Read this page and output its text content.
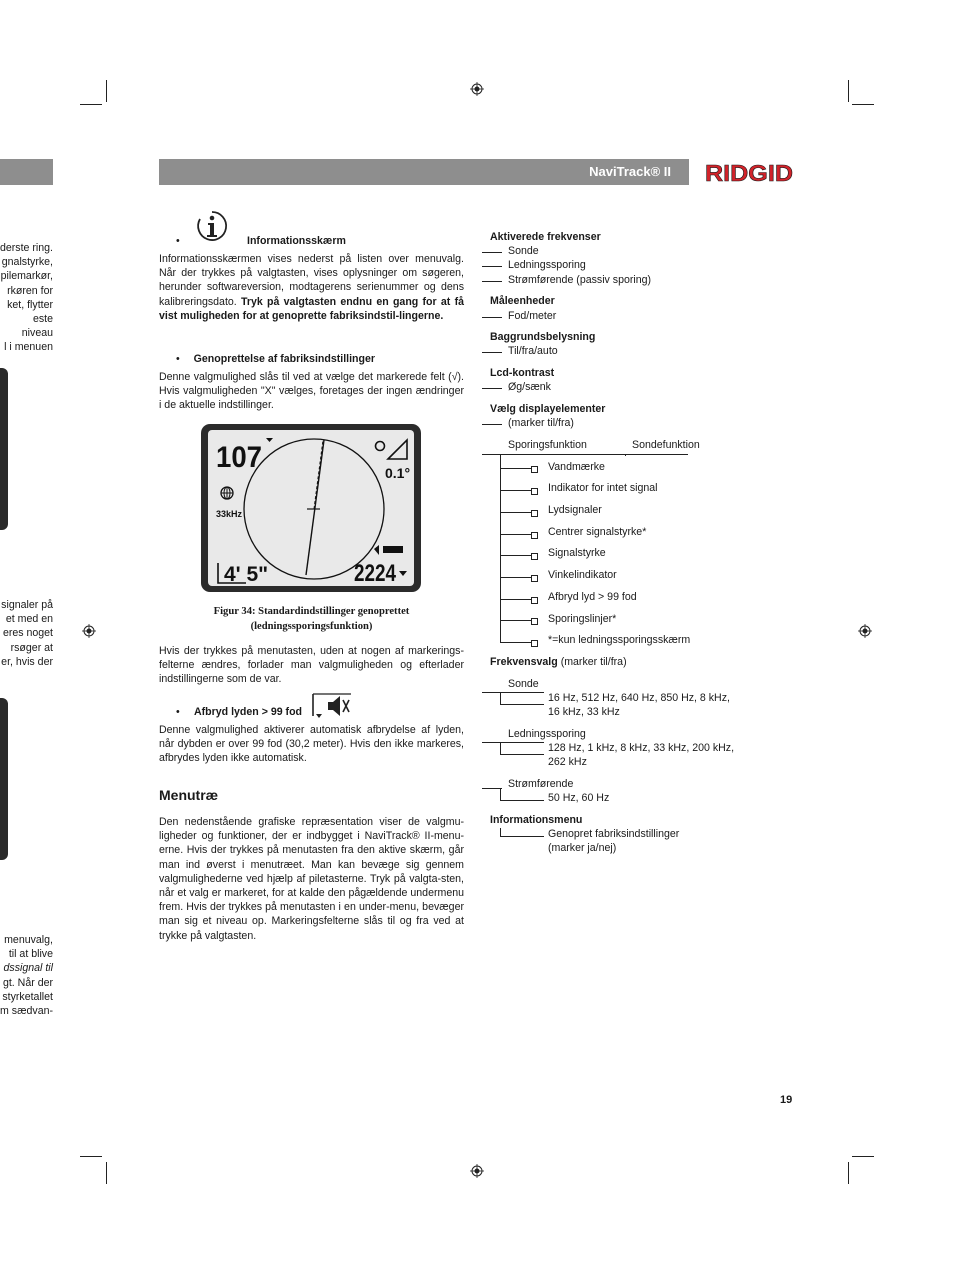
derste ring.
gnalstyrke,
pilemarkør,
rkøren for
ket, flytter
este niveau
l i menuen
signaler på
et med en
eres noget
rsøger at
er, hvis der
menuvalg,
til at blive
dssignal til
gt. Når der
styrketallet
m sædvan-
NaviTrack® II RIDGID
•	Informationsskærm
Informationsskærmen vises nederst på listen over menuvalg. Når der trykkes på valgtasten, vises oplysninger om søgeren, herunder softwareversion, modtagerens serienummer og dens kalibreringsdato. Tryk på valgtasten endnu en gang for at få vist muligheden for at genoprette fabriksindstil-lingerne.
• Genoprettelse af fabriksindstillinger
Denne valgmulighed slås til ved at vælge det markerede felt (√). Hvis valgmuligheden "X" vælges, foretages der ingen ændringer i de aktuelle indstillinger.
107	0.1°
33kHz
4' 5"	2224
Figur 34: Standardindstillinger genoprettet
(ledningssporingsfunktion)
Hvis der trykkes på menutasten, uden at nogen af markerings-felterne ændres, forlader man valgmuligheden og efterlader indstillingerne som de var.
• Afbryd lyden > 99 fod
Denne valgmulighed aktiverer automatisk afbrydelse af lyden, når dybden er over 99 fod (30,2 meter). Hvis den ikke markeres, afbrydes lyden ikke automatisk.
Menutræ
Den nedenstående grafiske repræsentation viser de valgmu-ligheder og funktioner, der er indbygget i NaviTrack® II-menu-erne. Hvis der trykkes på menutasten fra den aktive skærm, går man ind øverst i menutræet. Man kan bevæge sig gennem valgmulighederne ved hjælp af piletasterne. Tryk på valgta-sten, når et valg er markeret, for at kalde den pågældende undermenu frem. Hvis der trykkes på menutasten i en under-menu, bevæger man sig et niveau op. Markeringsfelterne slås til og fra ved at trykke på valgtasten.
Aktiverede frekvenser
Sonde
Ledningssporing
Strømførende (passiv sporing)
Måleenheder
Fod/meter
Baggrundsbelysning
Til/fra/auto
Lcd-kontrast
Øg/sænk
Vælg displayelementer
(marker til/fra)
Sporingsfunktion	Sondefunktion
Vandmærke
Indikator for intet signal
Lydsignaler
Centrer signalstyrke*
Signalstyrke
Vinkelindikator
Afbryd lyd > 99 fod
Sporingslinjer*
*=kun ledningssporingsskærm
Frekvensvalg (marker til/fra)
Sonde
16 Hz, 512 Hz, 640 Hz, 850 Hz, 8 kHz,
16 kHz, 33 kHz
Ledningssporing
128 Hz, 1 kHz, 8 kHz, 33 kHz, 200 kHz,
262 kHz
Strømførende
50 Hz, 60 Hz
Informationsmenu
Genopret fabriksindstillinger
(marker ja/nej)
19
